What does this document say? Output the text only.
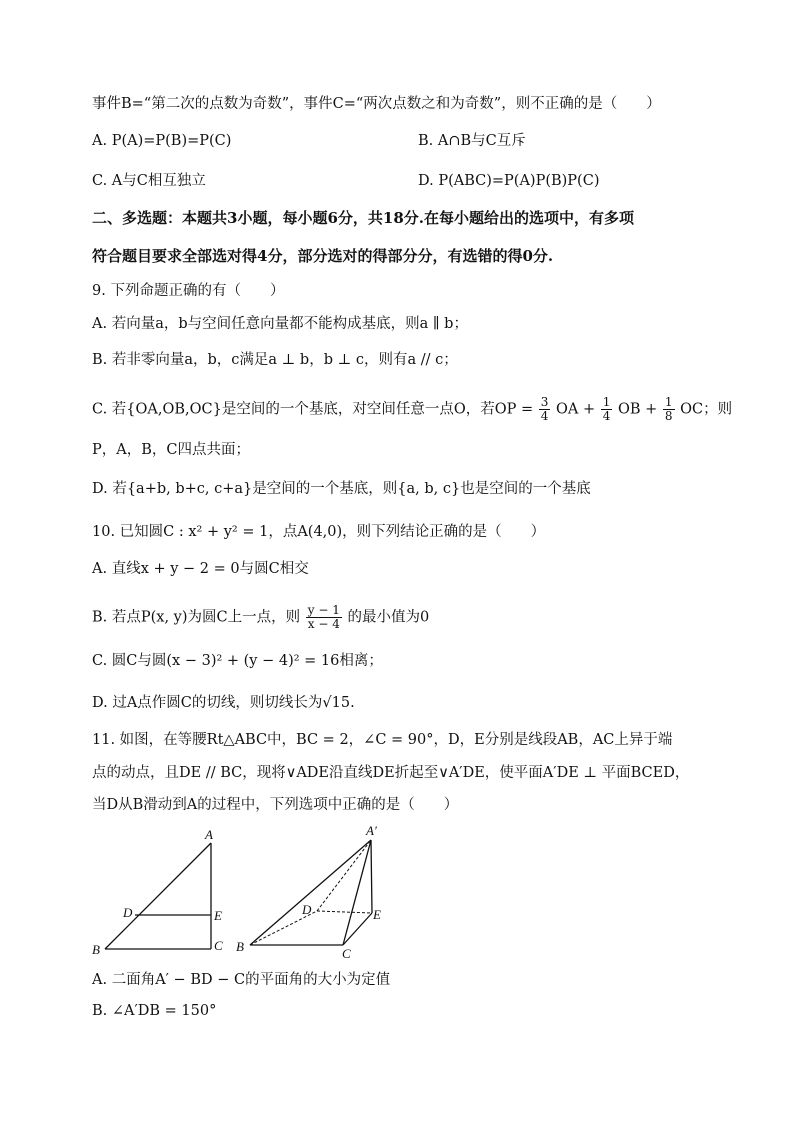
事件B=“第二次的点数为奇数”，事件C=“两次点数之和为奇数”，则不正确的是（　　）
A. P(A)=P(B)=P(C)	B. A∩B与C互斥
C. A与C相互独立	D. P(ABC)=P(A)P(B)P(C)
二、多选题：本题共3小题，每小题6分，共18分.在每小题给出的选项中，有多项
符合题目要求全部选对得4分，部分选对的得部分分，有选错的得0分.
9. 下列命题正确的有（　　）
A. 若向量a，b与空间任意向量都不能构成基底，则a ∥ b；
B. 若非零向量a，b，c满足a ⊥ b，b ⊥ c，则有a // c；
C. 若{OA,OB,OC}是空间的一个基底，对空间任意一点O，若OP = $\frac{3}{4}$ OA + $\frac{1}{4}$ OB + $\frac{1}{8}$ OC；则
P，A，B，C四点共面；
D. 若{a+b, b+c, c+a}是空间的一个基底，则{a, b, c}也是空间的一个基底
10. 已知圆C : x² + y² = 1，点A(4,0)，则下列结论正确的是（　　）
A. 直线x + y − 2 = 0与圆C相交
B. 若点P(x, y)为圆C上一点，则 $\frac{y - 1}{x - 4}$ 的最小值为0
C. 圆C与圆(x − 3)² + (y − 4)² = 16相离；
D. 过A点作圆C的切线，则切线长为√15.
11. 如图，在等腰Rt△ABC中，BC = 2，∠C = 90°，D，E分别是线段AB，AC上异于端
点的动点，且DE // BC，现将∨ADE沿直线DE折起至∨A′DE，使平面A′DE ⊥ 平面BCED，
当D从B滑动到A的过程中，下列选项中正确的是（　　）
A
B	C
D	E
A′
B	C
D	E
A. 二面角A′ − BD − C的平面角的大小为定值
B. ∠A′DB = 150°
